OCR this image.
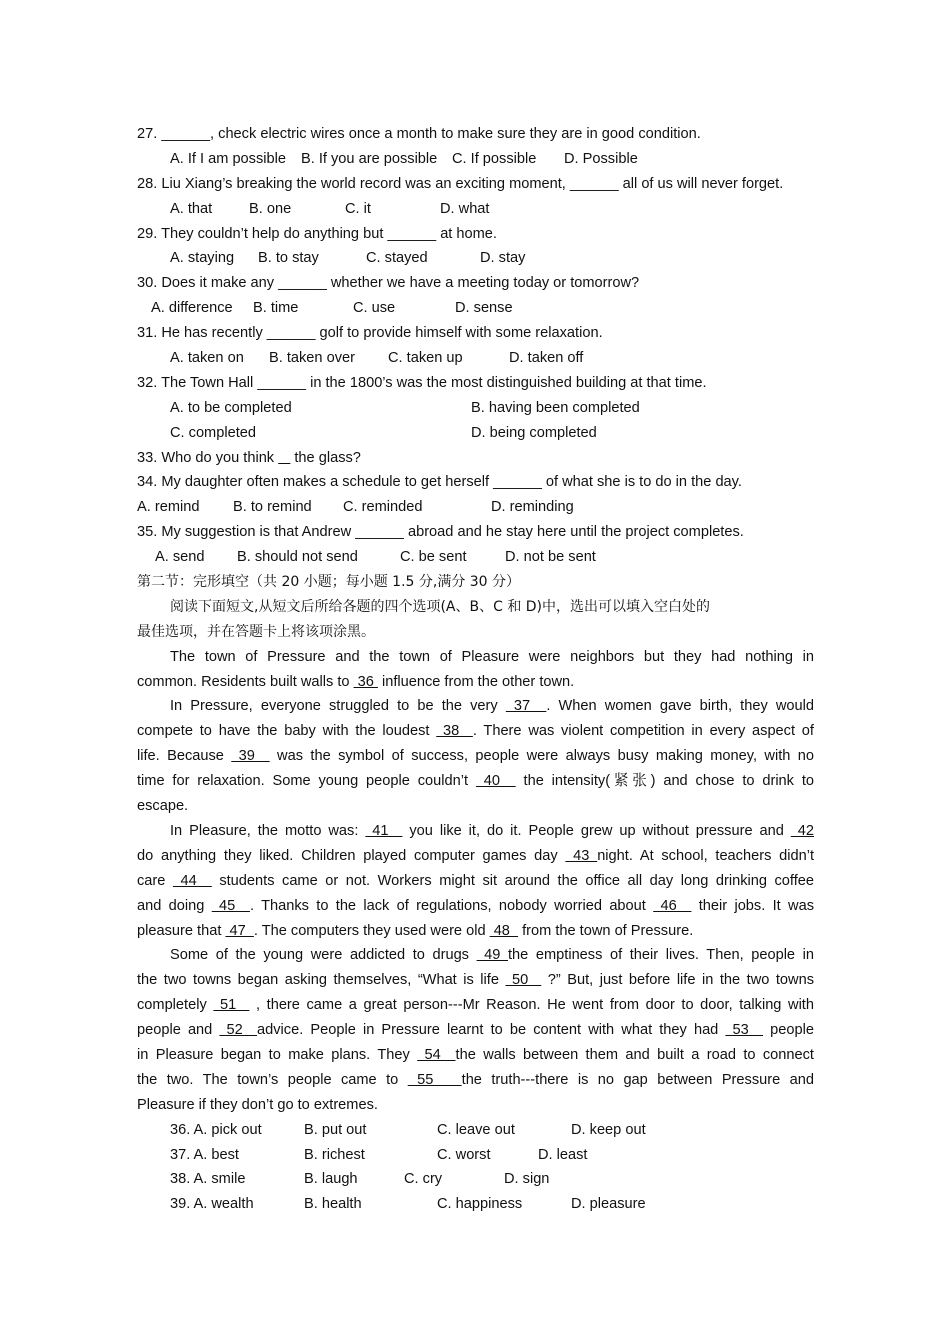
27. ______, check electric wires once a month to make sure they are in good condition.
A. If I am possible B. If you are possible C. If possible D. Possible
28. Liu Xiang’s breaking the world record was an exciting moment, ______ all of us will never forget.
A. that	B. one	C. it	D. what
29. They couldn’t help do anything but ______ at home.
A. staying B. to stay	C. stayed	D. stay
30. Does it make any ______ whether we have a meeting today or tomorrow?
A. difference B. time	C. use	D. sense
31. He has recently ______ golf to provide himself with some relaxation.
A. taken on B. taken over C. taken up	D. taken off
32. The Town Hall ______ in the 1800’s was the most distinguished building at that time.
A. to be completed	B. having been completed
C. completed	D. being completed
33. Who do you think     the glass?
34. My daughter often makes a schedule to get herself ______ of what she is to do in the day.
A. remind B. to remind C. reminded	D. reminding
35. My suggestion is that Andrew ______ abroad and he stay here until the project completes.
A. send B. should not send	C. be sent	D. not be sent
第二节：完形填空（共 20 小题；每小题 1.5 分,满分 30 分）
阅读下面短文,从短文后所给各题的四个选项(A、B、C 和 D)中，选出可以填入空白处的
最佳选项，并在答题卡上将该项涂黑。
The town of Pressure and the town of Pleasure were neighbors but they had nothing in
common. Residents built walls to  36  influence from the other town.
In Pressure, everyone struggled to be the very  37  . When women gave birth, they would
compete to have the baby with the loudest  38  . There was violent competition in every aspect of
life. Because  39   was the symbol of success, people were always busy making money, with no
time for relaxation. Some young people couldn’t  40   the intensity(紧张) and chose to drink to
escape.
In Pleasure, the motto was:  41   you like it, do it. People grew up without pressure and  42
do anything they liked. Children played computer games day  43 night. At school, teachers didn’t
care  44   students came or not. Workers might sit around the office all day long drinking coffee
and doing  45  . Thanks to the lack of regulations, nobody worried about  46   their jobs. It was
pleasure that  47  . The computers they used were old  48   from the town of Pressure.
Some of the young were addicted to drugs  49 the emptiness of their lives. Then, people in
the two towns began asking themselves, “What is life  50   ?” But, just before life in the two towns
completely  51   , there came a great person---Mr Reason. He went from door to door, talking with
people and  52  advice. People in Pressure learnt to be content with what they had  53   people
in Pleasure began to make plans. They  54  the walls between them and built a road to connect
the two. The town’s people came to  55   the truth---there is no gap between Pressure and
Pleasure if they don’t go to extremes.
36. A. pick out	B. put out	C. leave out	D. keep out
37. A. best	B. richest	C. worst	D. least
38. A. smile	B. laugh	C. cry	D. sign
39. A. wealth	B. health	C. happiness	D. pleasure
